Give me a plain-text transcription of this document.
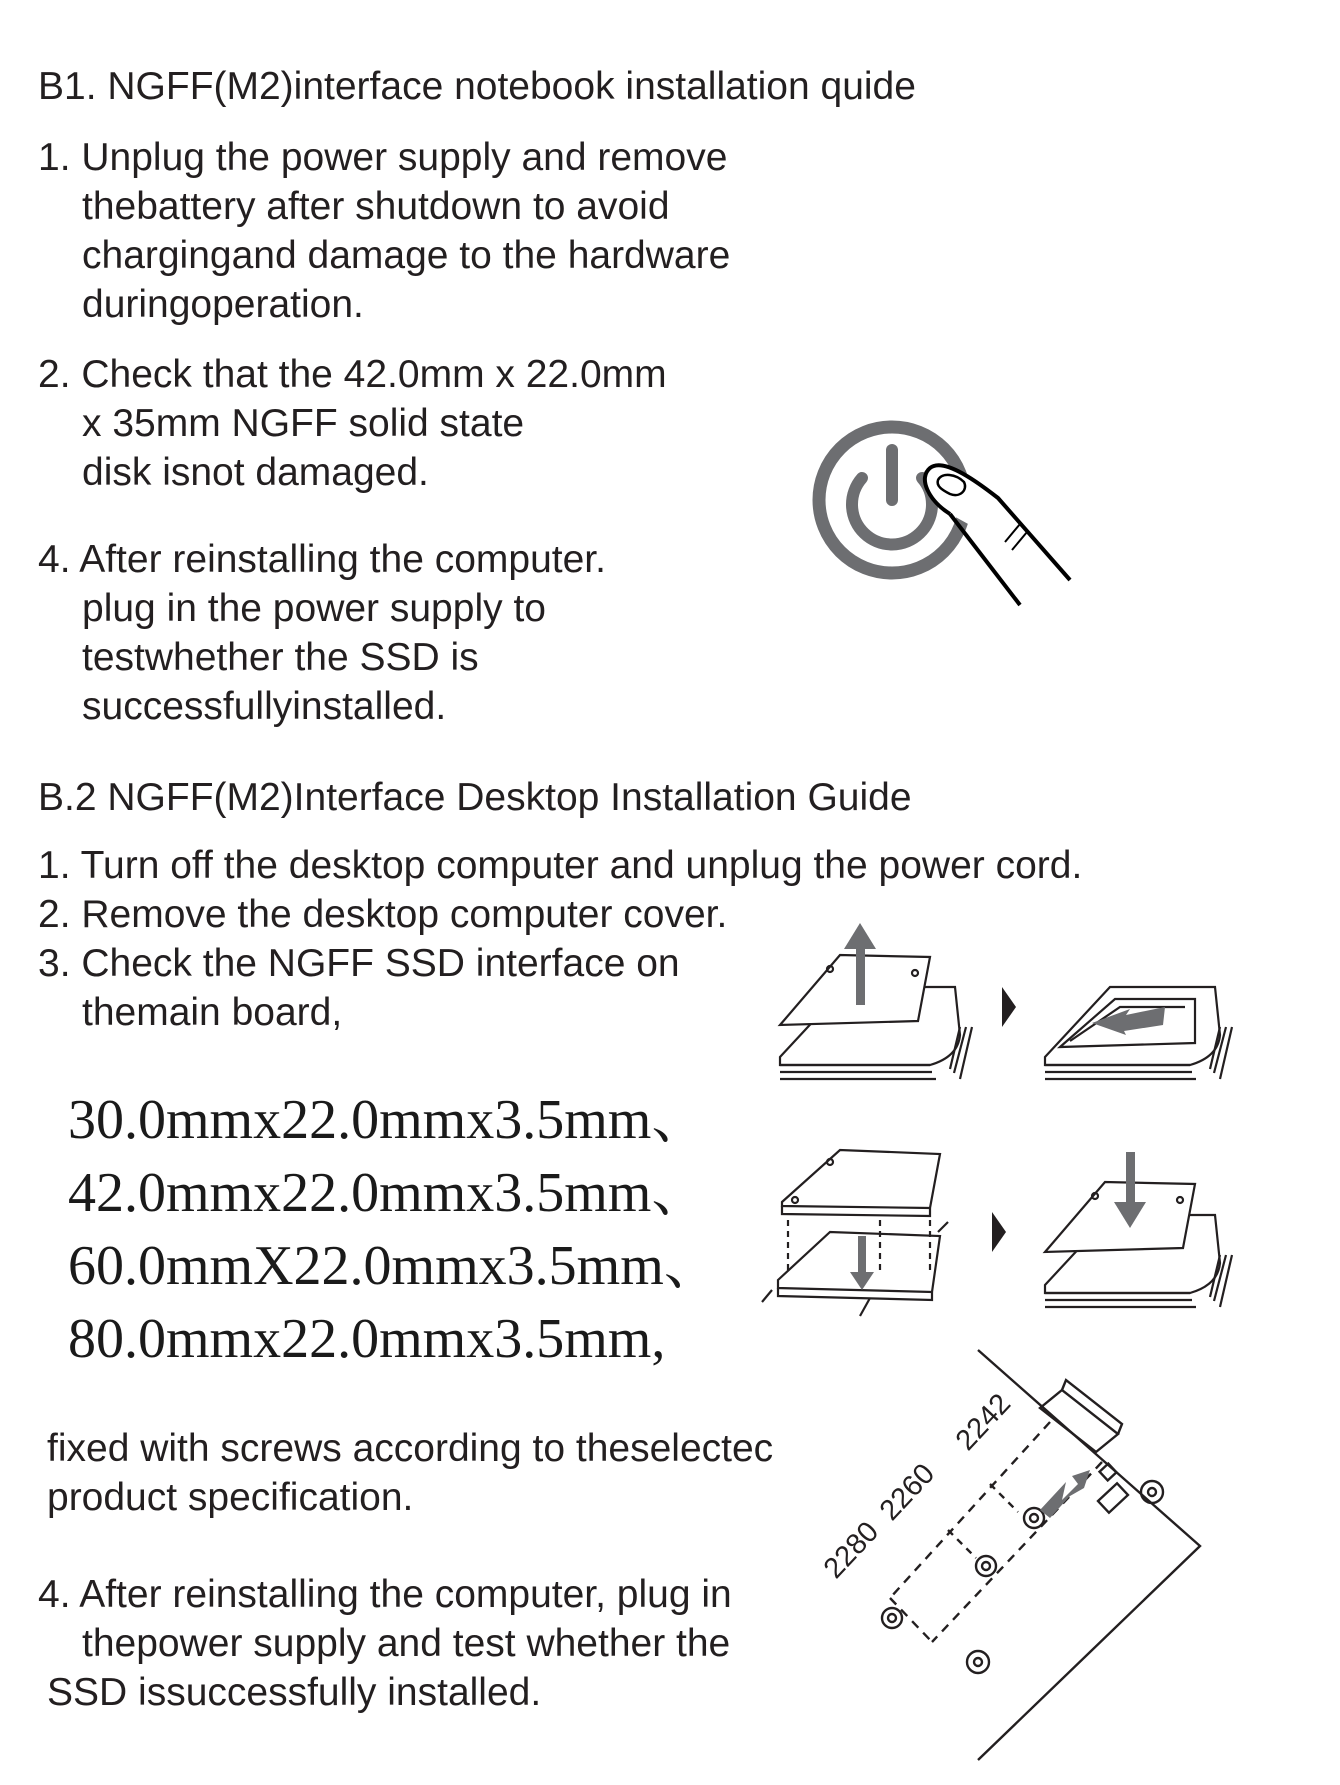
B1. NGFF(M2)interface notebook installation quide

1. Unplug the power supply and remove

thebattery after shutdown to avoid

chargingand damage to the hardware

duringoperation.

2. Check that the 42.0mm x 22.0mm

x 35mm NGFF solid state

disk isnot damaged.

4. After reinstalling the computer.

plug in the power supply to

testwhether the SSD is

successfullyinstalled.

B.2 NGFF(M2)Interface Desktop Installation Guide

1. Turn off the desktop computer and unplug the power cord.

2. Remove the desktop computer cover.

3. Check the NGFF SSD interface on

themain board,

30.0mmx22.0mmx3.5mm、

42.0mmx22.0mmx3.5mm、

60.0mmX22.0mmx3.5mm、

80.0mmx22.0mmx3.5mm,

fixed with screws according to theselectec

product specification.

4. After reinstalling the computer, plug in

thepower supply and test whether the

SSD issuccessfully installed.

2280
2260
2242
